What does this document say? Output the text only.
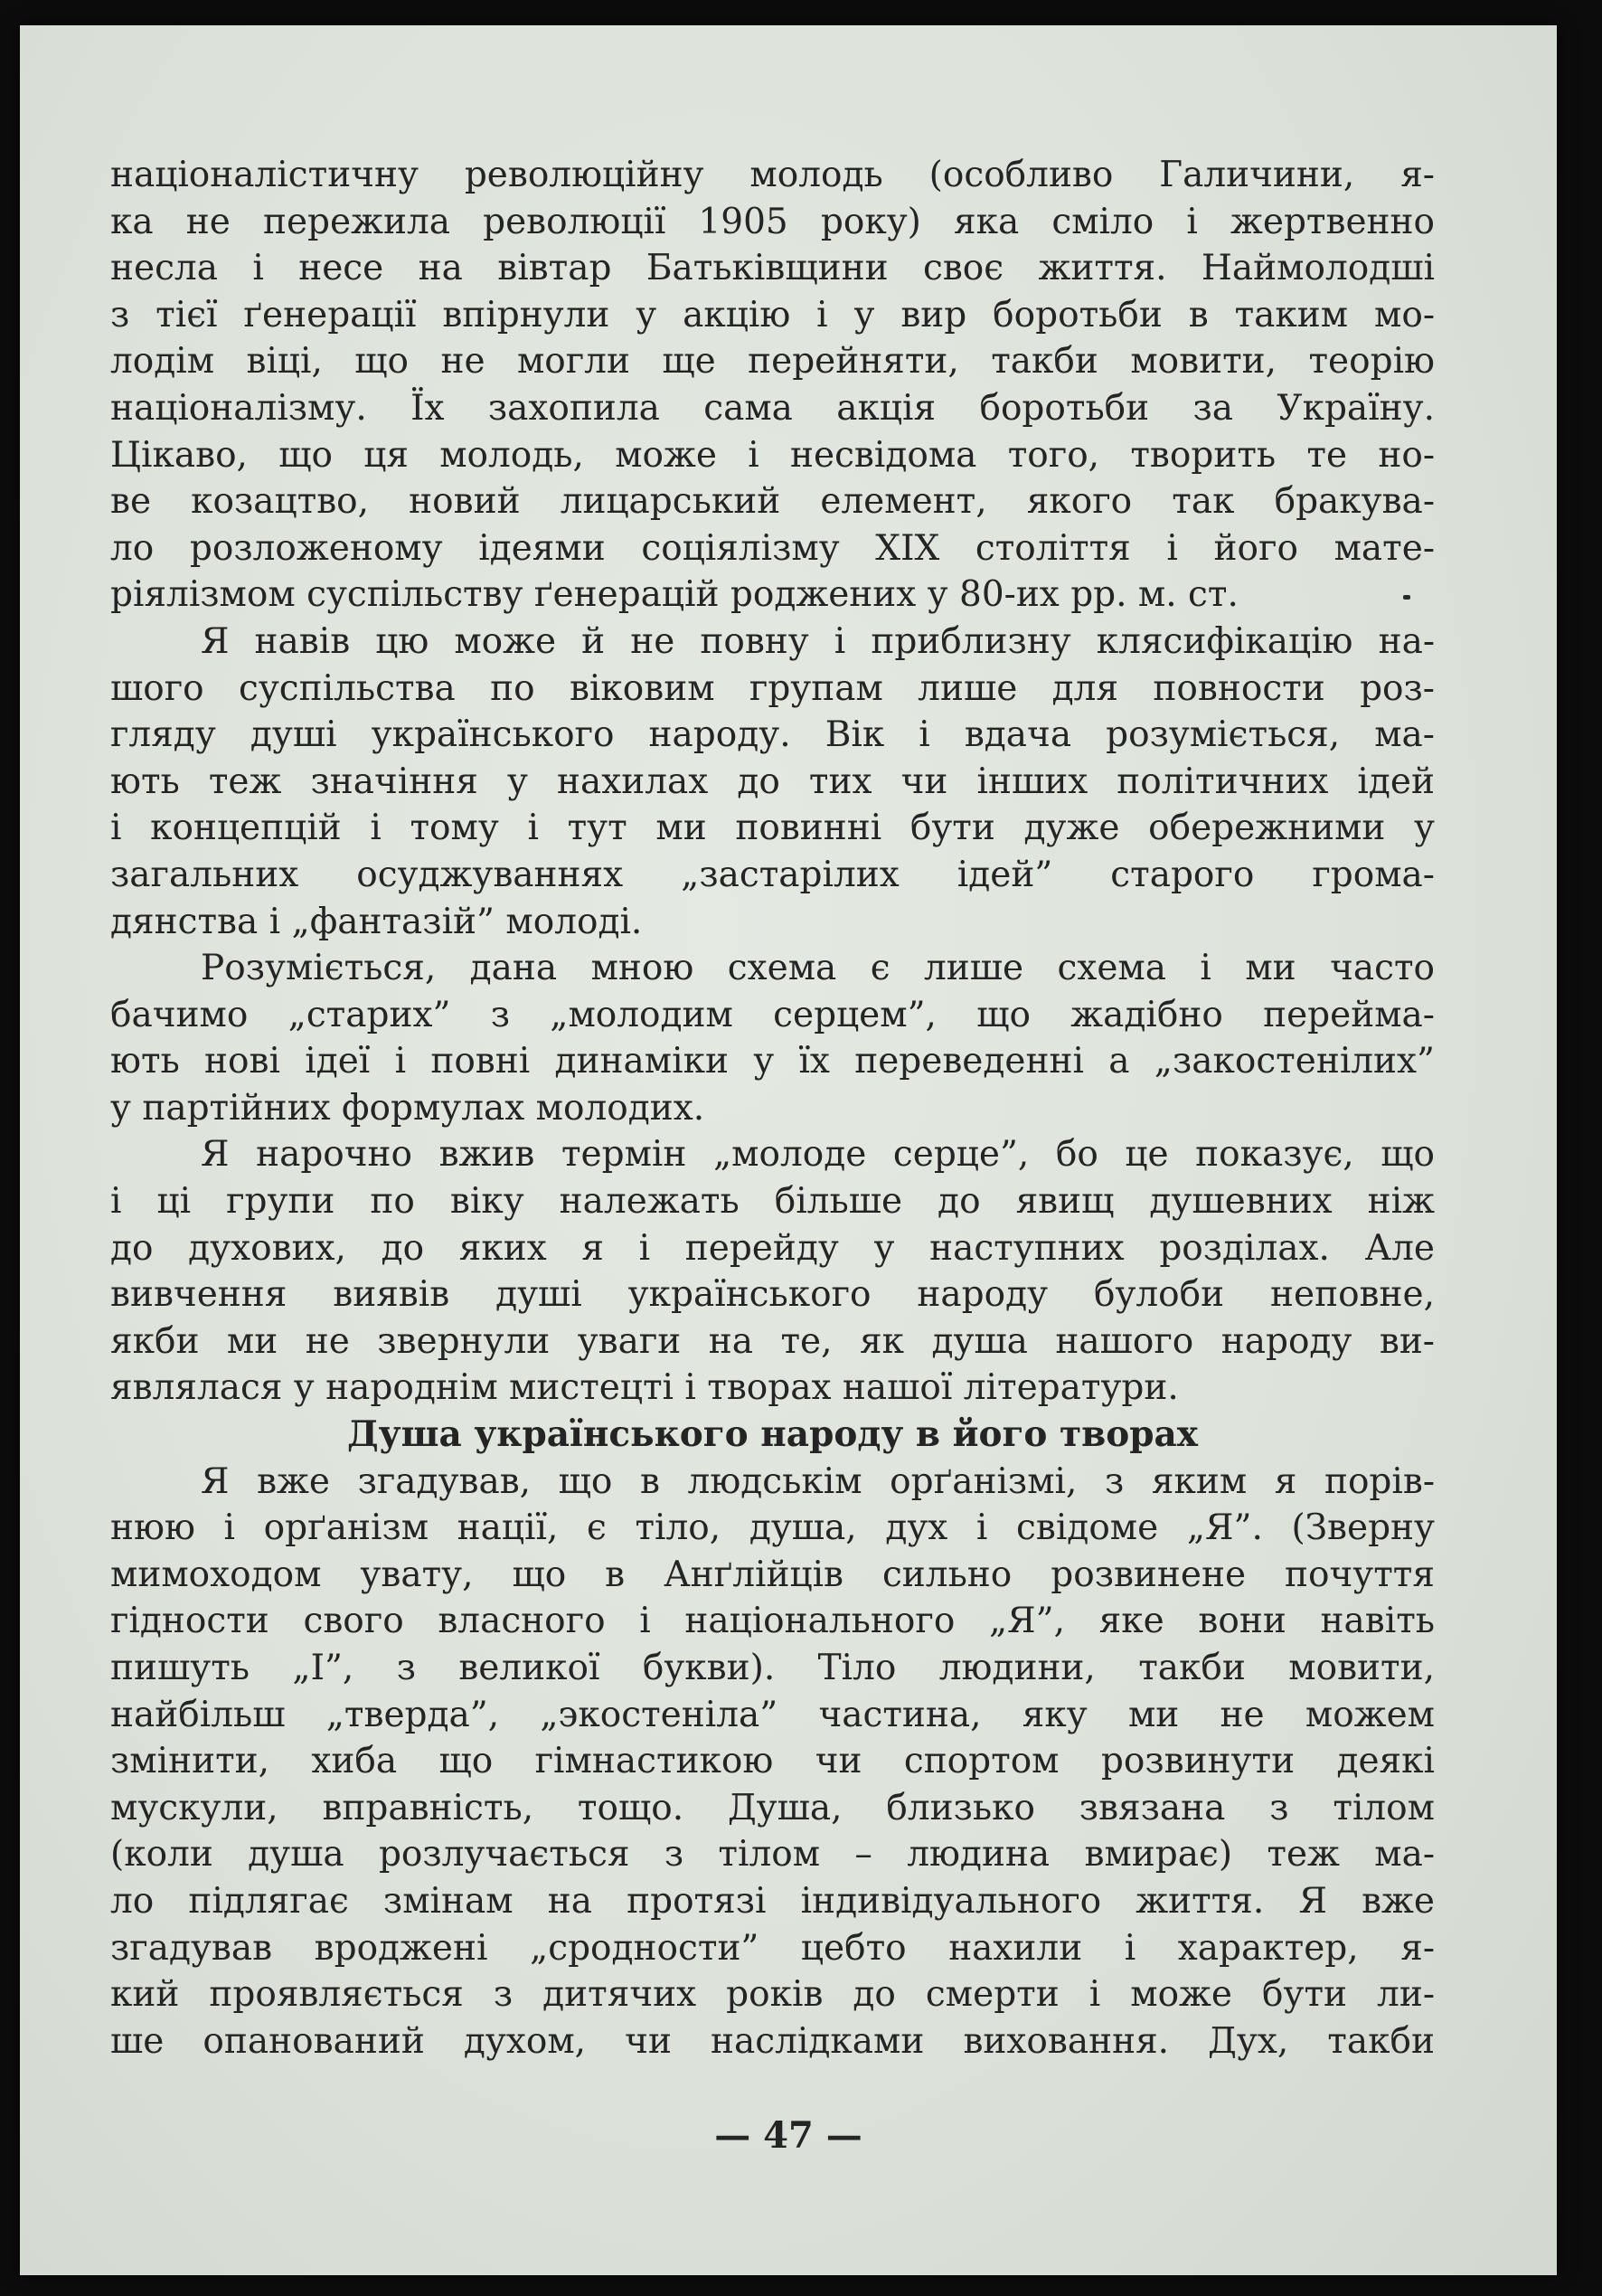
націоналістичну революційну молодь (особливо Галичини, я-
ка не пережила революції 1905 року) яка сміло і жертвенно
несла і несе на вівтар Батьківщини своє життя. Наймолодші
з тієї ґенерації впірнули у акцію і у вир боротьби в таким мо-
лодім віці, що не могли ще перейняти, такби мовити, теорію
націоналізму. Їх захопила сама акція боротьби за Україну.
Цікаво, що ця молодь, може і несвідома того, творить те но-
ве козацтво, новий лицарський елемент, якого так бракува-
ло розложеному ідеями соціялізму XIX століття і його мате-
ріялізмом суспільству ґенерацій роджених у 80-их рр. м. ст.
Я навів цю може й не повну і приблизну клясифікацію на-
шого суспільства по віковим групам лише для повности роз-
гляду душі українського народу. Вік і вдача розуміється, ма-
ють теж значіння у нахилах до тих чи інших політичних ідей
і концепцій і тому і тут ми повинні бути дуже обережними у
загальних осуджуваннях „застарілих ідей” старого грома-
дянства і „фантазій” молоді.
Розуміється, дана мною схема є лише схема і ми часто
бачимо „старих” з „молодим серцем”, що жадібно перейма-
ють нові ідеї і повні динаміки у їх переведенні а „закостенілих”
у партійних формулах молодих.
Я нарочно вжив термін „молоде серце”, бо це показує, що
і ці групи по віку належать більше до явищ душевних ніж
до духових, до яких я і перейду у наступних розділах. Але
вивчення виявів душі українського народу булоби неповне,
якби ми не звернули уваги на те, як душа нашого народу ви-
являлася у народнім мистецті і творах нашої літератури.
Душа українського народу в його творах
Я вже згадував, що в людськім орґанізмі, з яким я порів-
нюю і орґанізм нації, є тіло, душа, дух і свідоме „Я”. (Зверну
мимоходом увату, що в Анґлійців сильно розвинене почуття
гідности свого власного і національного „Я”, яке вони навіть
пишуть „I”, з великої букви). Тіло людини, такби мовити,
найбільш „тверда”, „экостеніла” частина, яку ми не можем
змінити, хиба що гімнастикою чи спортом розвинути деякі
мускули, вправність, тощо. Душа, близько звязана з тілом
(коли душа розлучається з тілом – людина вмирає) теж ма-
ло підлягає змінам на протязі індивідуального життя. Я вже
згадував вроджені „сродности” цебто нахили і характер, я-
кий проявляється з дитячих років до смерти і може бути ли-
ше опанований духом, чи наслідками виховання. Дух, такби
— 47 —
